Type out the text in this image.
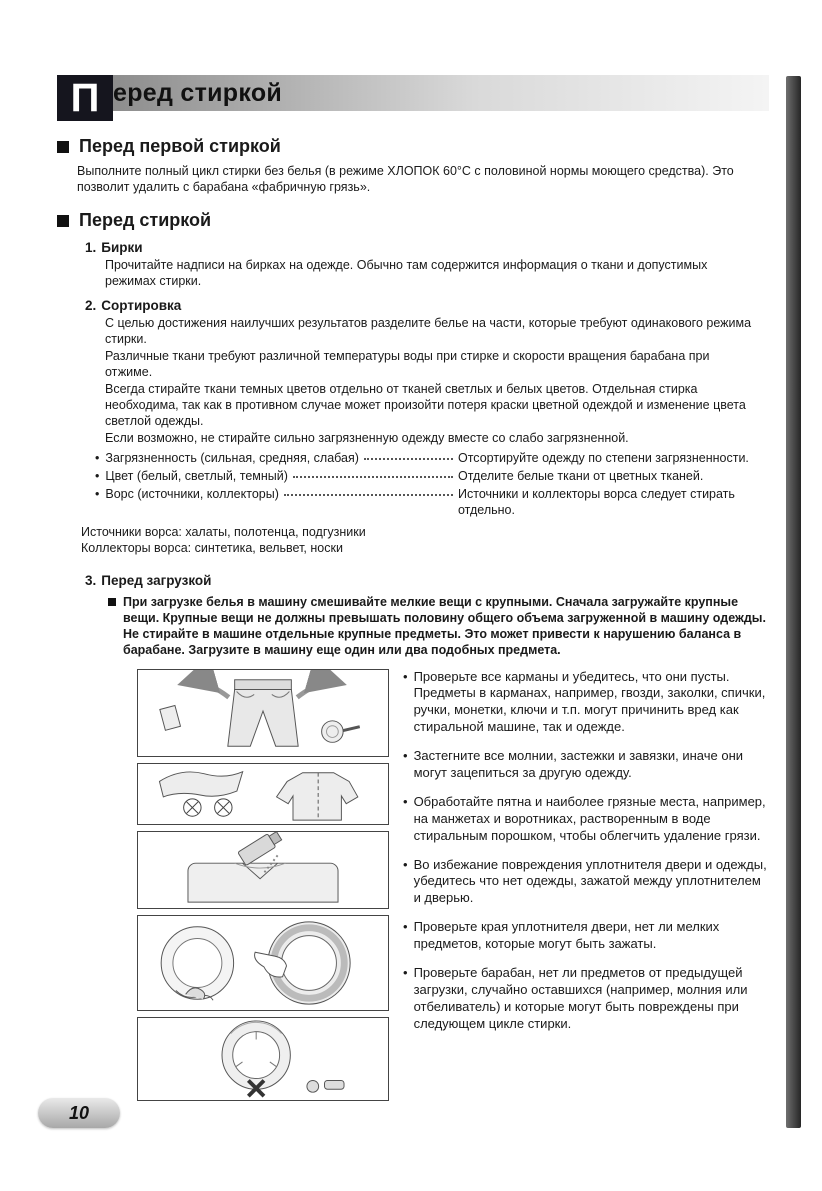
П еред стиркой
Перед первой стиркой

Выполните полный цикл стирки без белья (в режиме ХЛОПОК 60°С с половиной нормы моющего средства). Это позволит удалить с барабана «фабричную грязь».

Перед стиркой
1. Бирки

Прочитайте надписи на бирках на одежде. Обычно там содержится информация о ткани и допустимых режимах стирки.

2. Сортировка

С целью достижения наилучших результатов разделите белье на части, которые требуют одинакового режима стирки.

Различные ткани требуют различной температуры воды при стирке и скорости вращения барабана при отжиме.

Всегда стирайте ткани темных цветов отдельно от тканей светлых и белых цветов. Отдельная стирка необходима, так как в противном случае может произойти потеря краски цветной одеждой и изменение цвета светлой одежды.

Если возможно, не стирайте сильно загрязненную одежду вместе со слабо загрязненной.

• Загрязненность (сильная, средняя, слабая)	Отсортируйте одежду по степени загрязненности.
• Цвет (белый, светлый, темный)	Отделите белые ткани от цветных тканей.
• Ворс (источники, коллекторы)	Источники и коллекторы ворса следует стирать отдельно.

Источники ворса: халаты, полотенца, подгузники

Коллекторы ворса: синтетика, вельвет, носки

3. Перед загрузкой

При загрузке белья в машину смешивайте мелкие вещи с крупными. Сначала загружайте крупные вещи. Крупные вещи не должны превышать половину общего объема загруженной в машину одежды. Не стирайте в машине отдельные крупные предметы. Это может привести к нарушению баланса в барабане. Загрузите в машину еще один или два подобных предмета.

• Проверьте все карманы и убедитесь, что они пусты. Предметы в карманах, например, гвозди, заколки, спички, ручки, монетки, ключи и т.п. могут причинить вред как стиральной машине, так и одежде.

• Застегните все молнии, застежки и завязки, иначе они могут зацепиться за другую одежду.

• Обработайте пятна и наиболее грязные места, например, на манжетах и воротниках, растворенным в воде стиральным порошком, чтобы облегчить удаление грязи.

• Во избежание повреждения уплотнителя двери и одежды, убедитесь что нет одежды, зажатой между уплотнителем и дверью.

• Проверьте края уплотнителя двери, нет ли мелких предметов, которые могут быть зажаты.

• Проверьте барабан, нет ли предметов от предыдущей загрузки, случайно оставшихся (например, молния или отбеливатель) и которые могут быть повреждены при следующем цикле стирки.

10
